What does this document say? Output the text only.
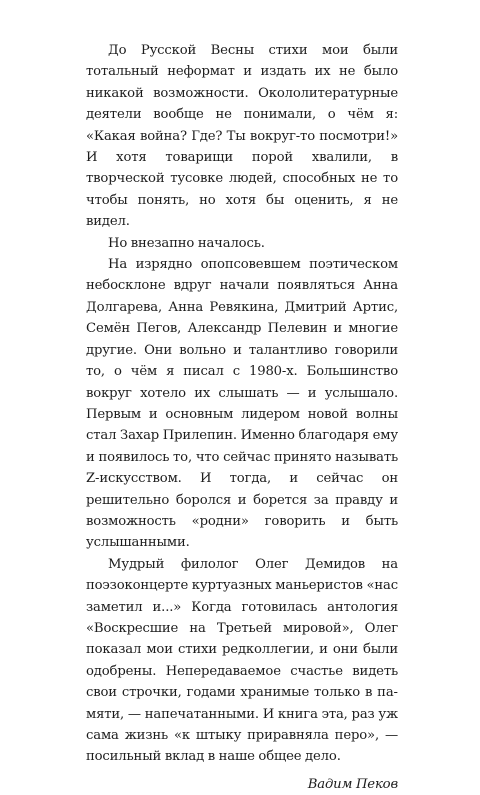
До Русской Весны стихи мои были тотальный неформат и издать их не было никакой возможности. Окололитературные деятели вообще не понимали, о чём я: «Какая война? Где? Ты вокруг-то посмотри!» И хотя товарищи порой хвалили, в творческой тусовке людей, способных не то чтобы понять, но хотя бы оценить, я не видел.

Но внезапно началось.

На изрядно опопсовевшем поэтическом небосклоне вдруг начали появляться Анна Долгарева, Анна Ревякина, Дмитрий Артис, Семён Пегов, Александр Пелевин и многие другие. Они вольно и талантливо говорили то, о чём я писал с 1980-х. Большинство вокруг хотело их слышать — и услышало. Первым и основным лидером новой волны стал Захар Прилепин. Именно благодаря ему и появилось то, что сейчас принято называть Z-искусством. И тогда, и сейчас он решительно боролся и борется за правду и возможность «родни» говорить и быть услышанными.

Мудрый филолог Олег Демидов на поэзоконцерте куртуазных маньеристов «нас заметил и...» Когда готовилась антология «Воскресшие на Третьей мировой», Олег показал мои стихи редколлегии, и они были одобрены. Непередаваемое счастье видеть свои строчки, годами хранимые только в памяти, — напечатанными. И книга эта, раз уж сама жизнь «к штыку приравняла перо», — посильный вклад в наше общее дело.

Вадим Пеков
